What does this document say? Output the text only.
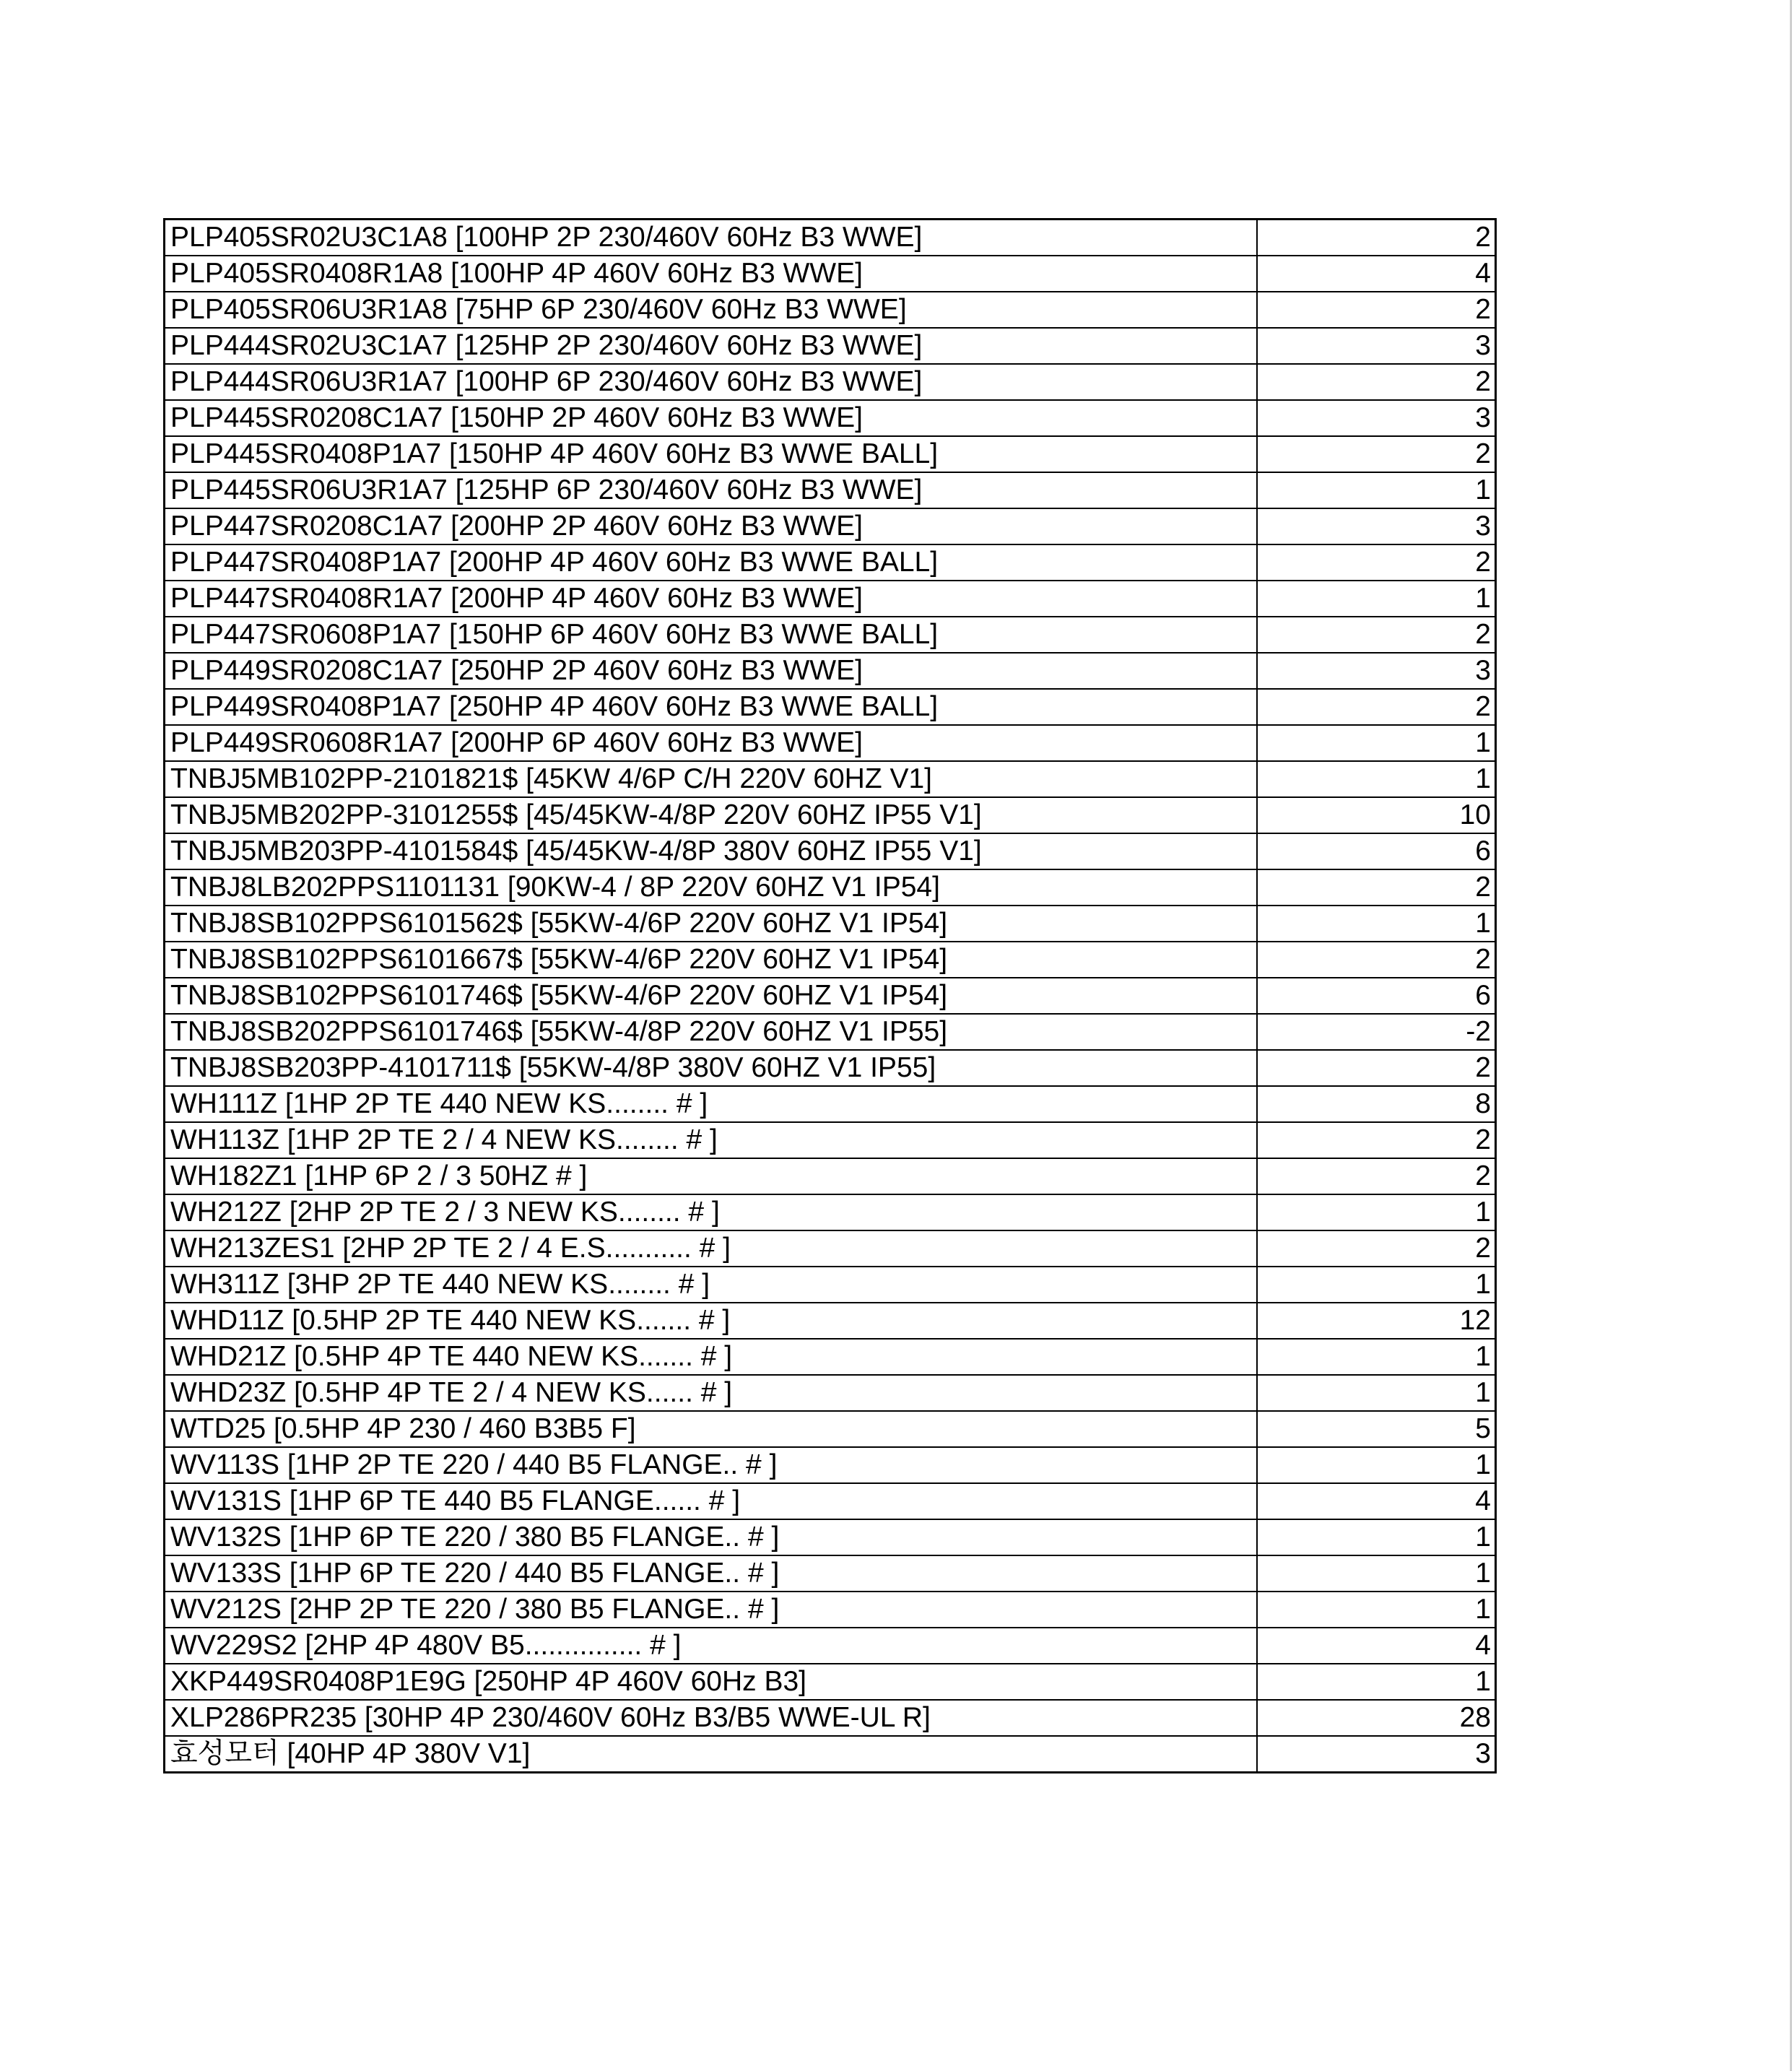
PLP405SR02U3C1A8 [100HP 2P 230/460V 60Hz B3 WWE]	2
PLP405SR0408R1A8 [100HP 4P 460V 60Hz B3 WWE]	4
PLP405SR06U3R1A8 [75HP 6P 230/460V 60Hz B3 WWE]	2
PLP444SR02U3C1A7 [125HP 2P 230/460V 60Hz B3 WWE]	3
PLP444SR06U3R1A7 [100HP 6P 230/460V 60Hz B3 WWE]	2
PLP445SR0208C1A7 [150HP 2P 460V 60Hz B3 WWE]	3
PLP445SR0408P1A7 [150HP 4P 460V 60Hz B3 WWE BALL]	2
PLP445SR06U3R1A7 [125HP 6P 230/460V 60Hz B3 WWE]	1
PLP447SR0208C1A7 [200HP 2P 460V 60Hz B3 WWE]	3
PLP447SR0408P1A7 [200HP 4P 460V 60Hz B3 WWE BALL]	2
PLP447SR0408R1A7 [200HP 4P 460V 60Hz B3 WWE]	1
PLP447SR0608P1A7 [150HP 6P 460V 60Hz B3 WWE BALL]	2
PLP449SR0208C1A7 [250HP 2P 460V 60Hz B3 WWE]	3
PLP449SR0408P1A7 [250HP 4P 460V 60Hz B3 WWE BALL]	2
PLP449SR0608R1A7 [200HP 6P 460V 60Hz B3 WWE]	1
TNBJ5MB102PP-2101821$ [45KW 4/6P C/H 220V 60HZ V1]	1
TNBJ5MB202PP-3101255$ [45/45KW-4/8P 220V 60HZ IP55 V1]	10
TNBJ5MB203PP-4101584$ [45/45KW-4/8P 380V 60HZ IP55 V1]	6
TNBJ8LB202PPS1101131 [90KW-4 / 8P 220V 60HZ V1 IP54]	2
TNBJ8SB102PPS6101562$ [55KW-4/6P 220V 60HZ V1 IP54]	1
TNBJ8SB102PPS6101667$ [55KW-4/6P 220V 60HZ V1 IP54]	2
TNBJ8SB102PPS6101746$ [55KW-4/6P 220V 60HZ V1 IP54]	6
TNBJ8SB202PPS6101746$ [55KW-4/8P 220V 60HZ V1 IP55]	-2
TNBJ8SB203PP-4101711$ [55KW-4/8P 380V 60HZ V1 IP55]	2
WH111Z [1HP 2P TE 440 NEW KS........ # ]	8
WH113Z [1HP 2P TE 2 / 4 NEW KS........ # ]	2
WH182Z1 [1HP 6P 2 / 3 50HZ # ]	2
WH212Z [2HP 2P TE 2 / 3 NEW KS........ # ]	1
WH213ZES1 [2HP 2P TE 2 / 4 E.S........... # ]	2
WH311Z [3HP 2P TE 440 NEW KS........ # ]	1
WHD11Z [0.5HP 2P TE 440 NEW KS....... # ]	12
WHD21Z [0.5HP 4P TE 440 NEW KS....... # ]	1
WHD23Z [0.5HP 4P TE 2 / 4 NEW KS...... # ]	1
WTD25 [0.5HP 4P 230 / 460 B3B5 F]	5
WV113S [1HP 2P TE 220 / 440 B5 FLANGE.. # ]	1
WV131S [1HP 6P TE 440 B5 FLANGE...... # ]	4
WV132S [1HP 6P TE 220 / 380 B5 FLANGE.. # ]	1
WV133S [1HP 6P TE 220 / 440 B5 FLANGE.. # ]	1
WV212S [2HP 2P TE 220 / 380 B5 FLANGE.. # ]	1
WV229S2 [2HP 4P 480V B5............... # ]	4
XKP449SR0408P1E9G [250HP 4P 460V 60Hz B3]	1
XLP286PR235 [30HP 4P 230/460V 60Hz B3/B5 WWE-UL R]	28
효성모터 [40HP 4P 380V V1]	3
